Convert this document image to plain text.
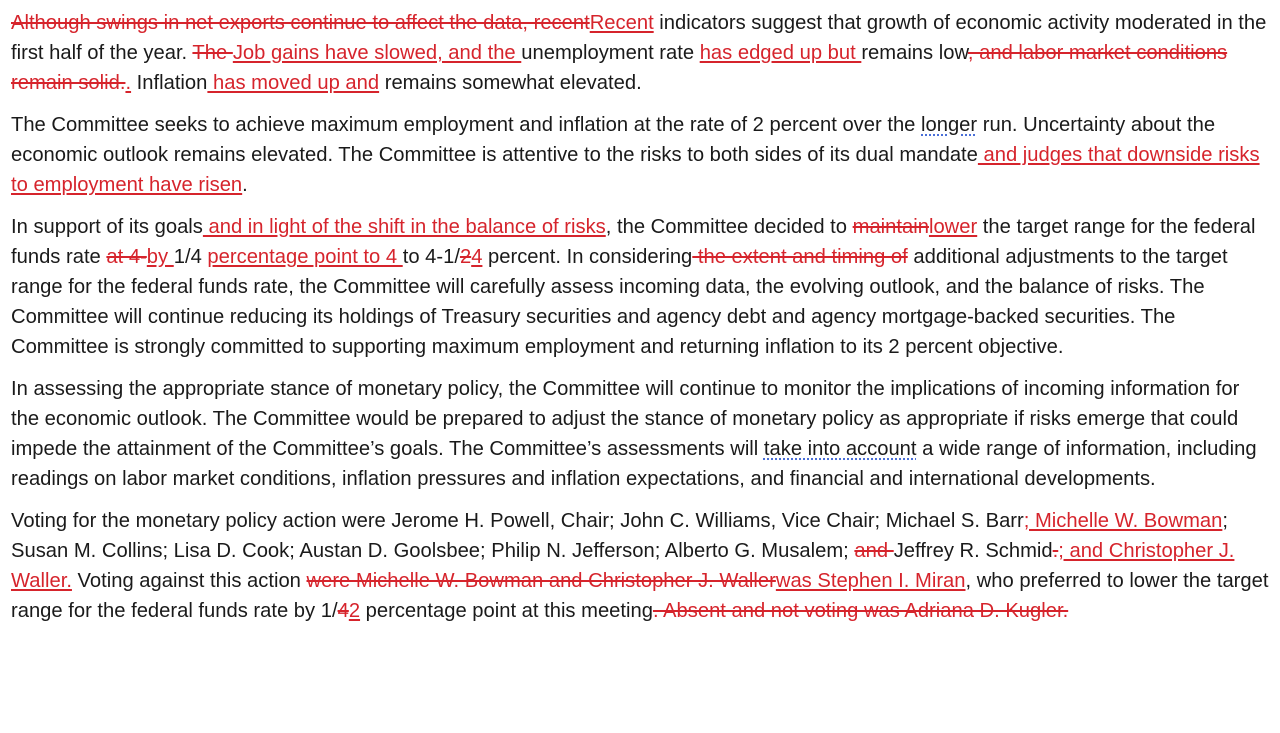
Although swings in net exports continue to affect the data, recentRecent indicators suggest that growth of economic activity moderated in the first half of the year. The Job gains have slowed, and the unemployment rate has edged up but remains low, and labor market conditions remain solid.. Inflation has moved up and remains somewhat elevated.

The Committee seeks to achieve maximum employment and inflation at the rate of 2 percent over the longer run. Uncertainty about the economic outlook remains elevated. The Committee is attentive to the risks to both sides of its dual mandate and judges that downside risks to employment have risen.

In support of its goals and in light of the shift in the balance of risks, the Committee decided to maintainlower the target range for the federal funds rate at 4-by 1/4 percentage point to 4 to 4-1/24 percent. In considering the extent and timing of additional adjustments to the target range for the federal funds rate, the Committee will carefully assess incoming data, the evolving outlook, and the balance of risks. The Committee will continue reducing its holdings of Treasury securities and agency debt and agency mortgage-backed securities. The Committee is strongly committed to supporting maximum employment and returning inflation to its 2 percent objective.

In assessing the appropriate stance of monetary policy, the Committee will continue to monitor the implications of incoming information for the economic outlook. The Committee would be prepared to adjust the stance of monetary policy as appropriate if risks emerge that could impede the attainment of the Committee’s goals. The Committee’s assessments will take into account a wide range of information, including readings on labor market conditions, inflation pressures and inflation expectations, and financial and international developments.

Voting for the monetary policy action were Jerome H. Powell, Chair; John C. Williams, Vice Chair; Michael S. Barr; Michelle W. Bowman; Susan M. Collins; Lisa D. Cook; Austan D. Goolsbee; Philip N. Jefferson; Alberto G. Musalem; and Jeffrey R. Schmid.; and Christopher J. Waller. Voting against this action were Michelle W. Bowman and Christopher J. Wallerwas Stephen I. Miran, who preferred to lower the target range for the federal funds rate by 1/42 percentage point at this meeting. Absent and not voting was Adriana D. Kugler.
